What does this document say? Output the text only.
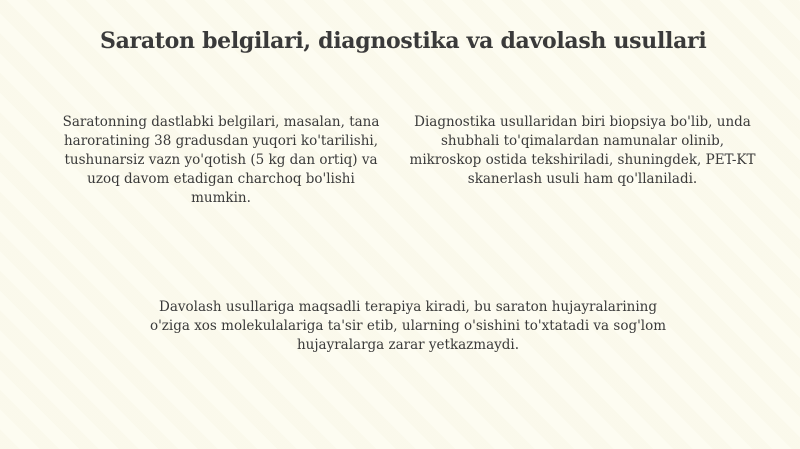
Saraton belgilari, diagnostika va davolash usullari

Saratonning dastlabki belgilari, masalan, tana haroratining 38 gradusdan yuqori ko'tarilishi, tushunarsiz vazn yo'qotish (5 kg dan ortiq) va uzoq davom etadigan charchoq bo'lishi mumkin.

Diagnostika usullaridan biri biopsiya bo'lib, unda shubhali to'qimalardan namunalar olinib, mikroskop ostida tekshiriladi, shuningdek, PET-KT skanerlash usuli ham qo'llaniladi.

Davolash usullariga maqsadli terapiya kiradi, bu saraton hujayralarining o'ziga xos molekulalariga ta'sir etib, ularning o'sishini to'xtatadi va sog'lom hujayralarga zarar yetkazmaydi.
